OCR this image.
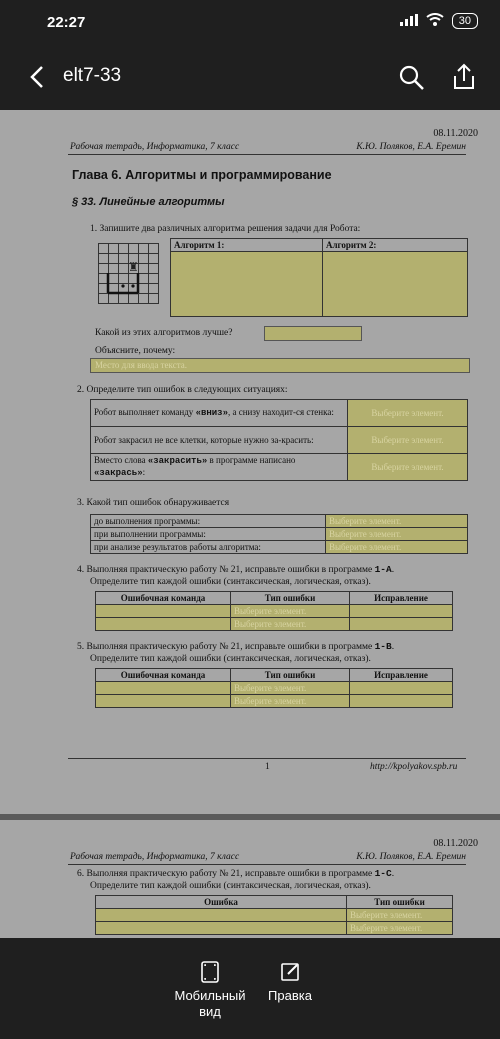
22:27	30
elt7-33
08.11.2020
Рабочая тетрадь, Информатика, 7 класс	К.Ю. Поляков, Е.А. Еремин
Глава 6. Алгоритмы и программирование
§ 33. Линейные алгоритмы
1. Запишите два различных алгоритма решения задачи для Робота:
♜
Алгоритм 1:	Алгоритм 2:

Какой из этих алгоритмов лучше?
Объясните, почему:
Место для ввода текста.
2. Определите тип ошибок в следующих ситуациях:
Робот выполняет команду «вниз», а снизу находит-ся стенка:	Выберите элемент.
Робот закрасил не все клетки, которые нужно за-красить:	Выберите элемент.
Вместо слова «закрасить» в программе написано
«закрась»:	Выберите элемент.
3. Какой тип ошибок обнаруживается
до выполнения программы:	Выберите элемент.
при выполнении программы:	Выберите элемент.
при анализе результатов работы алгоритма:	Выберите элемент.
4. Выполняя практическую работу № 21, исправьте ошибки в программе 1-А.
Определите тип каждой ошибки (синтаксическая, логическая, отказ).
Ошибочная команда	Тип ошибки	Исправление
	Выберите элемент.	
	Выберите элемент.	
5. Выполняя практическую работу № 21, исправьте ошибки в программе 1-В.
Определите тип каждой ошибки (синтаксическая, логическая, отказ).
Ошибочная команда	Тип ошибки	Исправление
	Выберите элемент.	
	Выберите элемент.	
1	http://kpolyakov.spb.ru
08.11.2020
Рабочая тетрадь, Информатика, 7 класс	К.Ю. Поляков, Е.А. Еремин
6. Выполняя практическую работу № 21, исправьте ошибки в программе 1-С.
Определите тип каждой ошибки (синтаксическая, логическая, отказ).
Ошибка	Тип ошибки
	Выберите элемент.
	Выберите элемент.
Мобильный вид
Правка
